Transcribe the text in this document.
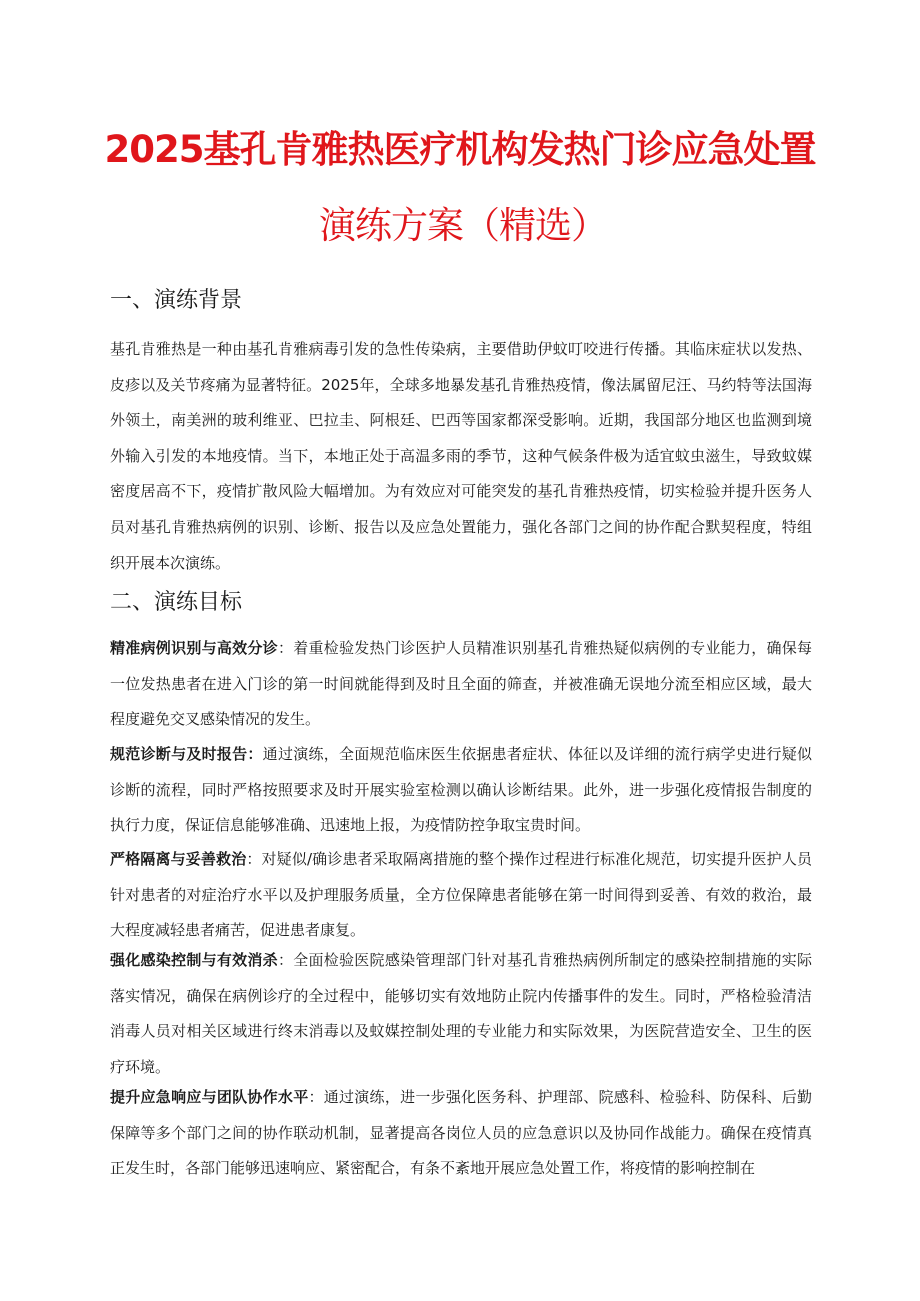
2025基孔肯雅热医疗机构发热门诊应急处置
演练方案（精选）
一、演练背景
基孔肯雅热是一种由基孔肯雅病毒引发的急性传染病，主要借助伊蚊叮咬进行传播。其临床症状以发热、皮疹以及关节疼痛为显著特征。2025年，全球多地暴发基孔肯雅热疫情，像法属留尼汪、马约特等法国海外领土，南美洲的玻利维亚、巴拉圭、阿根廷、巴西等国家都深受影响。近期，我国部分地区也监测到境外输入引发的本地疫情。当下，本地正处于高温多雨的季节，这种气候条件极为适宜蚊虫滋生，导致蚊媒密度居高不下，疫情扩散风险大幅增加。为有效应对可能突发的基孔肯雅热疫情，切实检验并提升医务人员对基孔肯雅热病例的识别、诊断、报告以及应急处置能力，强化各部门之间的协作配合默契程度，特组织开展本次演练。
二、演练目标
精准病例识别与高效分诊：着重检验发热门诊医护人员精准识别基孔肯雅热疑似病例的专业能力，确保每一位发热患者在进入门诊的第一时间就能得到及时且全面的筛查，并被准确无误地分流至相应区域，最大程度避免交叉感染情况的发生。
规范诊断与及时报告：通过演练，全面规范临床医生依据患者症状、体征以及详细的流行病学史进行疑似诊断的流程，同时严格按照要求及时开展实验室检测以确认诊断结果。此外，进一步强化疫情报告制度的执行力度，保证信息能够准确、迅速地上报，为疫情防控争取宝贵时间。
严格隔离与妥善救治：对疑似/确诊患者采取隔离措施的整个操作过程进行标准化规范，切实提升医护人员针对患者的对症治疗水平以及护理服务质量，全方位保障患者能够在第一时间得到妥善、有效的救治，最大程度减轻患者痛苦，促进患者康复。
强化感染控制与有效消杀：全面检验医院感染管理部门针对基孔肯雅热病例所制定的感染控制措施的实际落实情况，确保在病例诊疗的全过程中，能够切实有效地防止院内传播事件的发生。同时，严格检验清洁消毒人员对相关区域进行终末消毒以及蚊媒控制处理的专业能力和实际效果，为医院营造安全、卫生的医疗环境。
提升应急响应与团队协作水平：通过演练，进一步强化医务科、护理部、院感科、检验科、防保科、后勤保障等多个部门之间的协作联动机制，显著提高各岗位人员的应急意识以及协同作战能力。确保在疫情真正发生时，各部门能够迅速响应、紧密配合，有条不紊地开展应急处置工作，将疫情的影响控制在
